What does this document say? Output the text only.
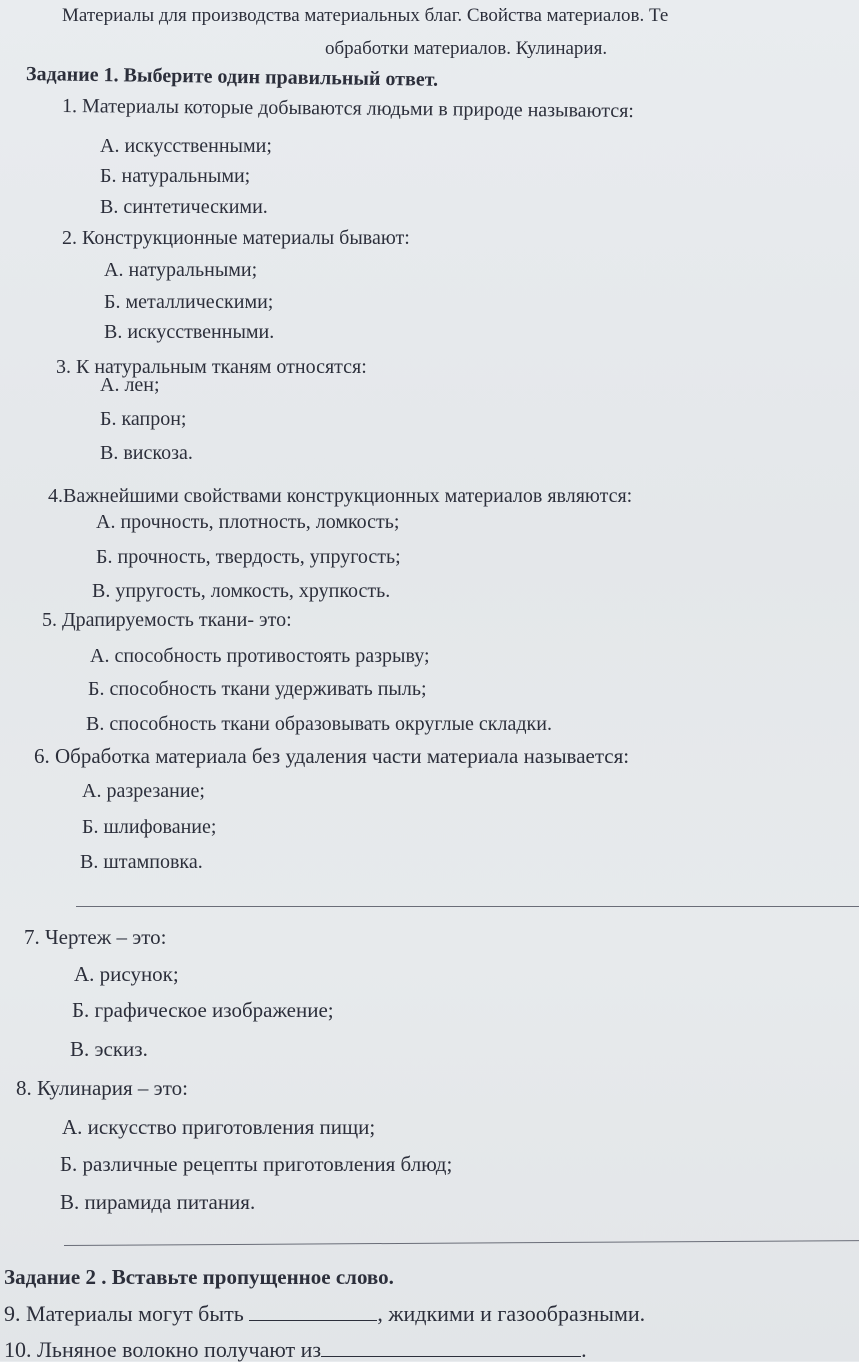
Материалы для производства материальных благ. Свойства материалов. Те
обработки материалов. Кулинария.
Задание 1. Выберите один правильный ответ.
1. Материалы которые добываются людьми в природе называются:
А. искусственными;
Б. натуральными;
В. синтетическими.
2. Конструкционные материалы бывают:
А. натуральными;
Б. металлическими;
В. искусственными.
3. К натуральным тканям относятся:
А. лен;
Б. капрон;
В. вискоза.
4.Важнейшими свойствами конструкционных материалов являются:
А. прочность, плотность, ломкость;
Б. прочность, твердость, упругость;
В. упругость, ломкость, хрупкость.
5. Драпируемость ткани- это:
А. способность противостоять разрыву;
Б. способность ткани удерживать пыль;
В. способность ткани образовывать округлые складки.
6. Обработка материала без удаления части материала называется:
А. разрезание;
Б. шлифование;
В. штамповка.
7. Чертеж – это:
А. рисунок;
Б. графическое изображение;
В. эскиз.
8. Кулинария – это:
А. искусство приготовления пищи;
Б. различные рецепты приготовления блюд;
В. пирамида питания.
Задание 2 . Вставьте пропущенное слово.
9. Материалы могут быть	, жидкими и газообразными.
10. Льняное волокно получают из	.
